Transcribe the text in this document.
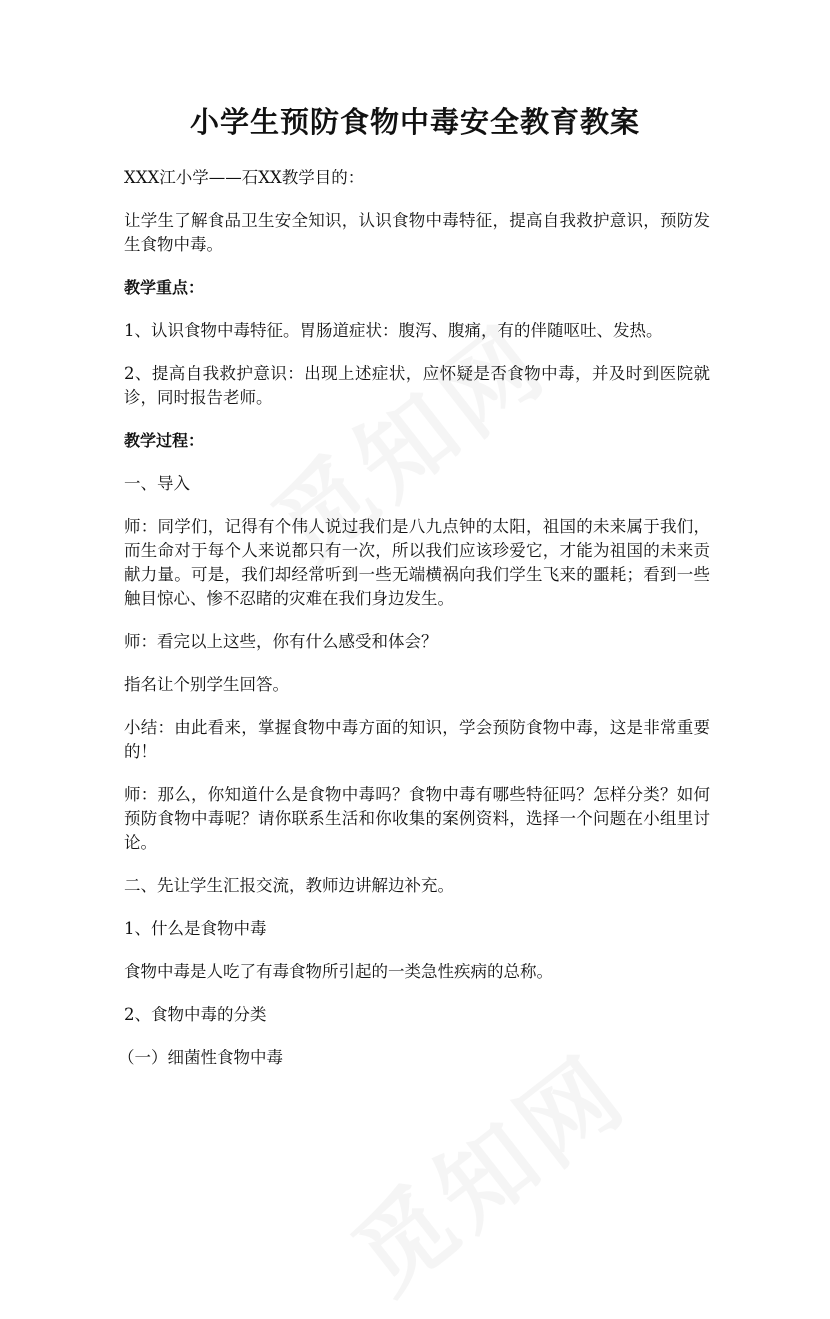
小学生预防食物中毒安全教育教案

XXX江小学——石XX教学目的：

让学生了解食品卫生安全知识，认识食物中毒特征，提高自我救护意识，预防发生食物中毒。

教学重点：

1、认识食物中毒特征。胃肠道症状：腹泻、腹痛，有的伴随呕吐、发热。

2、提高自我救护意识：出现上述症状，应怀疑是否食物中毒，并及时到医院就诊，同时报告老师。

教学过程：

一、导入

师：同学们，记得有个伟人说过我们是八九点钟的太阳，祖国的未来属于我们，而生命对于每个人来说都只有一次，所以我们应该珍爱它，才能为祖国的未来贡献力量。可是，我们却经常听到一些无端横祸向我们学生飞来的噩耗；看到一些触目惊心、惨不忍睹的灾难在我们身边发生。

师：看完以上这些，你有什么感受和体会？

指名让个别学生回答。

小结：由此看来，掌握食物中毒方面的知识，学会预防食物中毒，这是非常重要的！

师：那么，你知道什么是食物中毒吗？食物中毒有哪些特征吗？怎样分类？如何预防食物中毒呢？请你联系生活和你收集的案例资料，选择一个问题在小组里讨论。

二、先让学生汇报交流，教师边讲解边补充。

1、什么是食物中毒

食物中毒是人吃了有毒食物所引起的一类急性疾病的总称。

2、食物中毒的分类

（一）细菌性食物中毒
